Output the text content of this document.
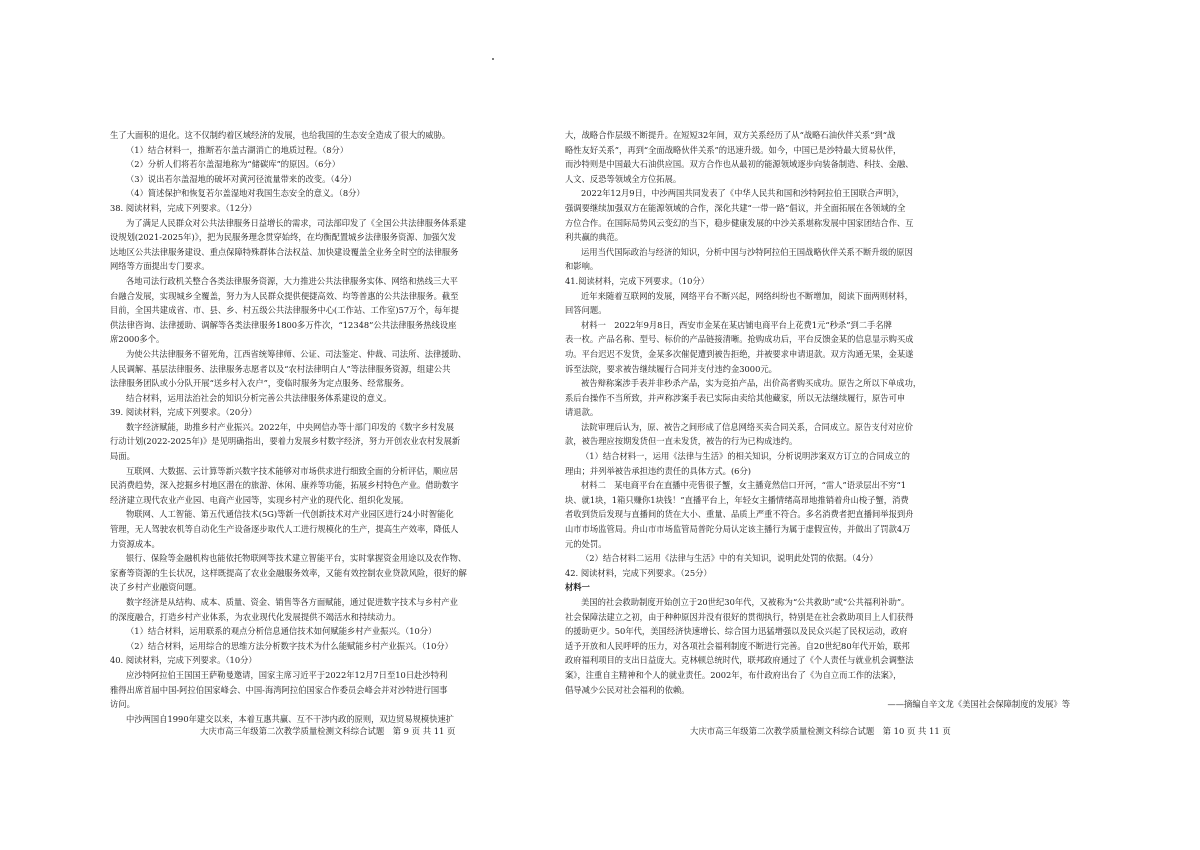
生了大面积的退化。这不仅制约着区域经济的发展，也给我国的生态安全造成了很大的威胁。
（1）结合材料一，推断若尔盖古湖消亡的地质过程。（8分）
（2）分析人们将若尔盖湿地称为“储碳库”的原因。（6分）
（3）说出若尔盖湿地的破坏对黄河径流量带来的改变。（4分）
（4）简述保护和恢复若尔盖湿地对我国生态安全的意义。（8分）
38. 阅读材料，完成下列要求。（12分）
为了满足人民群众对公共法律服务日益增长的需求，司法部印发了《全国公共法律服务体系建
设规划(2021-2025年)》，把为民服务理念贯穿始终，在均衡配置城乡法律服务资源、加强欠发
达地区公共法律服务建设、重点保障特殊群体合法权益、加快建设覆盖全业务全时空的法律服务
网络等方面提出专门要求。
各地司法行政机关整合各类法律服务资源，大力推进公共法律服务实体、网络和热线三大平
台融合发展，实现城乡全覆盖，努力为人民群众提供便捷高效、均等普惠的公共法律服务。截至
目前，全国共建成省、市、县、乡、村五级公共法律服务中心(工作站、工作室)57万个，每年提
供法律咨询、法律援助、调解等各类法律服务1800多万件次，“12348”公共法律服务热线设座
席2000多个。
为使公共法律服务不留死角，江西省统筹律师、公证、司法鉴定、仲裁、司法所、法律援助、
人民调解、基层法律服务、法律服务志愿者以及“农村法律明白人”等法律服务资源，组建公共
法律服务团队或小分队开展“送乡村入农户”，变临时服务为定点服务、经常服务。
结合材料，运用法治社会的知识分析完善公共法律服务体系建设的意义。
39. 阅读材料，完成下列要求。（20分）
数字经济赋能，助推乡村产业振兴。2022年，中央网信办等十部门印发的《数字乡村发展
行动计划(2022-2025年)》是见明确指出，要着力发展乡村数字经济，努力开创农业农村发展新
局面。
互联网、大数据、云计算等新兴数字技术能够对市场供求进行细致全面的分析评估，顺应居
民消费趋势，深入挖掘乡村地区潜在的旅游、休闲、康养等功能，拓展乡村特色产业。借助数字
经济建立现代农业产业园、电商产业园等，实现乡村产业的现代化、组织化发展。
物联网、人工智能、第五代通信技术(5G)等新一代创新技术对产业园区进行24小时智能化
管理，无人驾驶农机等自动化生产设备逐步取代人工进行规模化的生产，提高生产效率，降低人
力资源成本。
银行、保险等金融机构也能依托物联网等技术建立智能平台，实时掌握资金用途以及农作物、
家畜等资源的生长状况，这样既提高了农业金融服务效率，又能有效控制农业贷款风险，很好的解
决了乡村产业融资问题。
数字经济是从结构、成本、质量、资金、销售等各方面赋能，通过促进数字技术与乡村产业
的深度融合，打造乡村产业体系，为农业现代化发展提供不竭活水和持续动力。
（1）结合材料，运用联系的观点分析信息通信技术如何赋能乡村产业振兴。（10分）
（2）结合材料，运用综合的思维方法分析数字技术为什么能赋能乡村产业振兴。（10分）
40. 阅读材料，完成下列要求。（10分）
应沙特阿拉伯王国国王萨勒曼邀请，国家主席习近平于2022年12月7日至10日赴沙特利
雅得出席首届中国-阿拉伯国家峰会、中国-海湾阿拉伯国家合作委员会峰会并对沙特进行国事
访问。
中沙两国自1990年建交以来，本着互惠共赢、互不干涉内政的原则，双边贸易规模快速扩
大，战略合作层级不断提升。在短短32年间，双方关系经历了从“战略石油伙伴关系”到“战
略性友好关系”，再到“全面战略伙伴关系”的迅速升级。如今，中国已是沙特最大贸易伙伴，
而沙特则是中国最大石油供应国。双方合作也从最初的能源领域逐步向装备制造、科技、金融、
人文、反恐等领域全方位拓展。
2022年12月9日，中沙两国共同发表了《中华人民共和国和沙特阿拉伯王国联合声明》，
强调要继续加强双方在能源领域的合作，深化共建“一带一路”倡议，并全面拓展在各领域的全
方位合作。在国际局势风云变幻的当下，稳步健康发展的中沙关系堪称发展中国家团结合作、互
利共赢的典范。
运用当代国际政治与经济的知识，分析中国与沙特阿拉伯王国战略伙伴关系不断升级的原因
和影响。
41.阅读材料，完成下列要求。（10分）
近年来随着互联网的发展，网络平台不断兴起，网络纠纷也不断增加，阅读下面两则材料，
回答问题。
材料一　2022年9月8日，西安市金某在某店铺电商平台上花费1元“秒杀”到二手名牌
表一枚。产品名称、型号、标价的产品链接清晰。抢购成功后，平台反馈金某的信息显示购买成
功。平台迟迟不发货，金某多次催促遭到被告拒绝，并被要求申请退款。双方沟通无果，金某遂
诉至法院，要求被告继续履行合同并支付违约金3000元。
被告辩称案涉手表并非秒杀产品，实为竞拍产品，出价高者购买成功。原告之所以下单成功，
系后台操作不当所致，并声称涉案手表已实际由卖给其他藏家，所以无法继续履行，原告可申
请退款。
法院审理后认为，原、被告之间形成了信息网络买卖合同关系，合同成立。原告支付对应价
款，被告理应按期发货但一直未发货，被告的行为已构成违约。
（1）结合材料一，运用《法律与生活》的相关知识，分析说明涉案双方订立的合同成立的
理由；并列举被告承担违约责任的具体方式。(6分)
材料二　某电商平台在直播中売售很子蟹，女主播竟然信口开河，“雷人”语录层出不穷“1
块、就1块，1箱只赚你1块钱！”直播平台上，年轻女主播情绪高昂地推销着舟山梭子蟹，消费
者收到货后发现与直播间的货在大小、重量、品质上严重不符合。多名消费者把直播间举报到舟
山市市场监管局。舟山市市场监管局普陀分局认定该主播行为属于虚假宣传，并做出了罚款4万
元的处罚。
（2）结合材料二运用《法律与生活》中的有关知识，说明此处罚的依据。（4分）
42. 阅读材料，完成下列要求。（25分）
材料一
美国的社会救助制度开始创立于20世纪30年代，又被称为“公共救助”或“公共福利补助”。
社会保障法建立之初，由于种种原因并没有很好的贯彻执行，特别是在社会救助项目上人们获得
的援助更少。50年代，美国经济快速增长、综合国力迅猛增强以及民众兴起了民权运动，政府
适予开放和人民呼呼的压力，对各项社会福利制度不断进行完善。自20世纪80年代开始，联邦
政府福利项目的支出日益庞大。克林顿总统时代，联邦政府通过了《个人责任与就业机会调整法
案》，注重自主精神和个人的就业责任。2002年，布什政府出台了《为自立而工作的法案》，
倡导减少公民对社会福利的依赖。
——摘编自辛文龙《美国社会保障制度的发展》等
大庆市高三年级第二次教学质量检测文科综合试题　第 9 页 共 11 页	大庆市高三年级第二次教学质量检测文科综合试题　第 10 页 共 11 页
